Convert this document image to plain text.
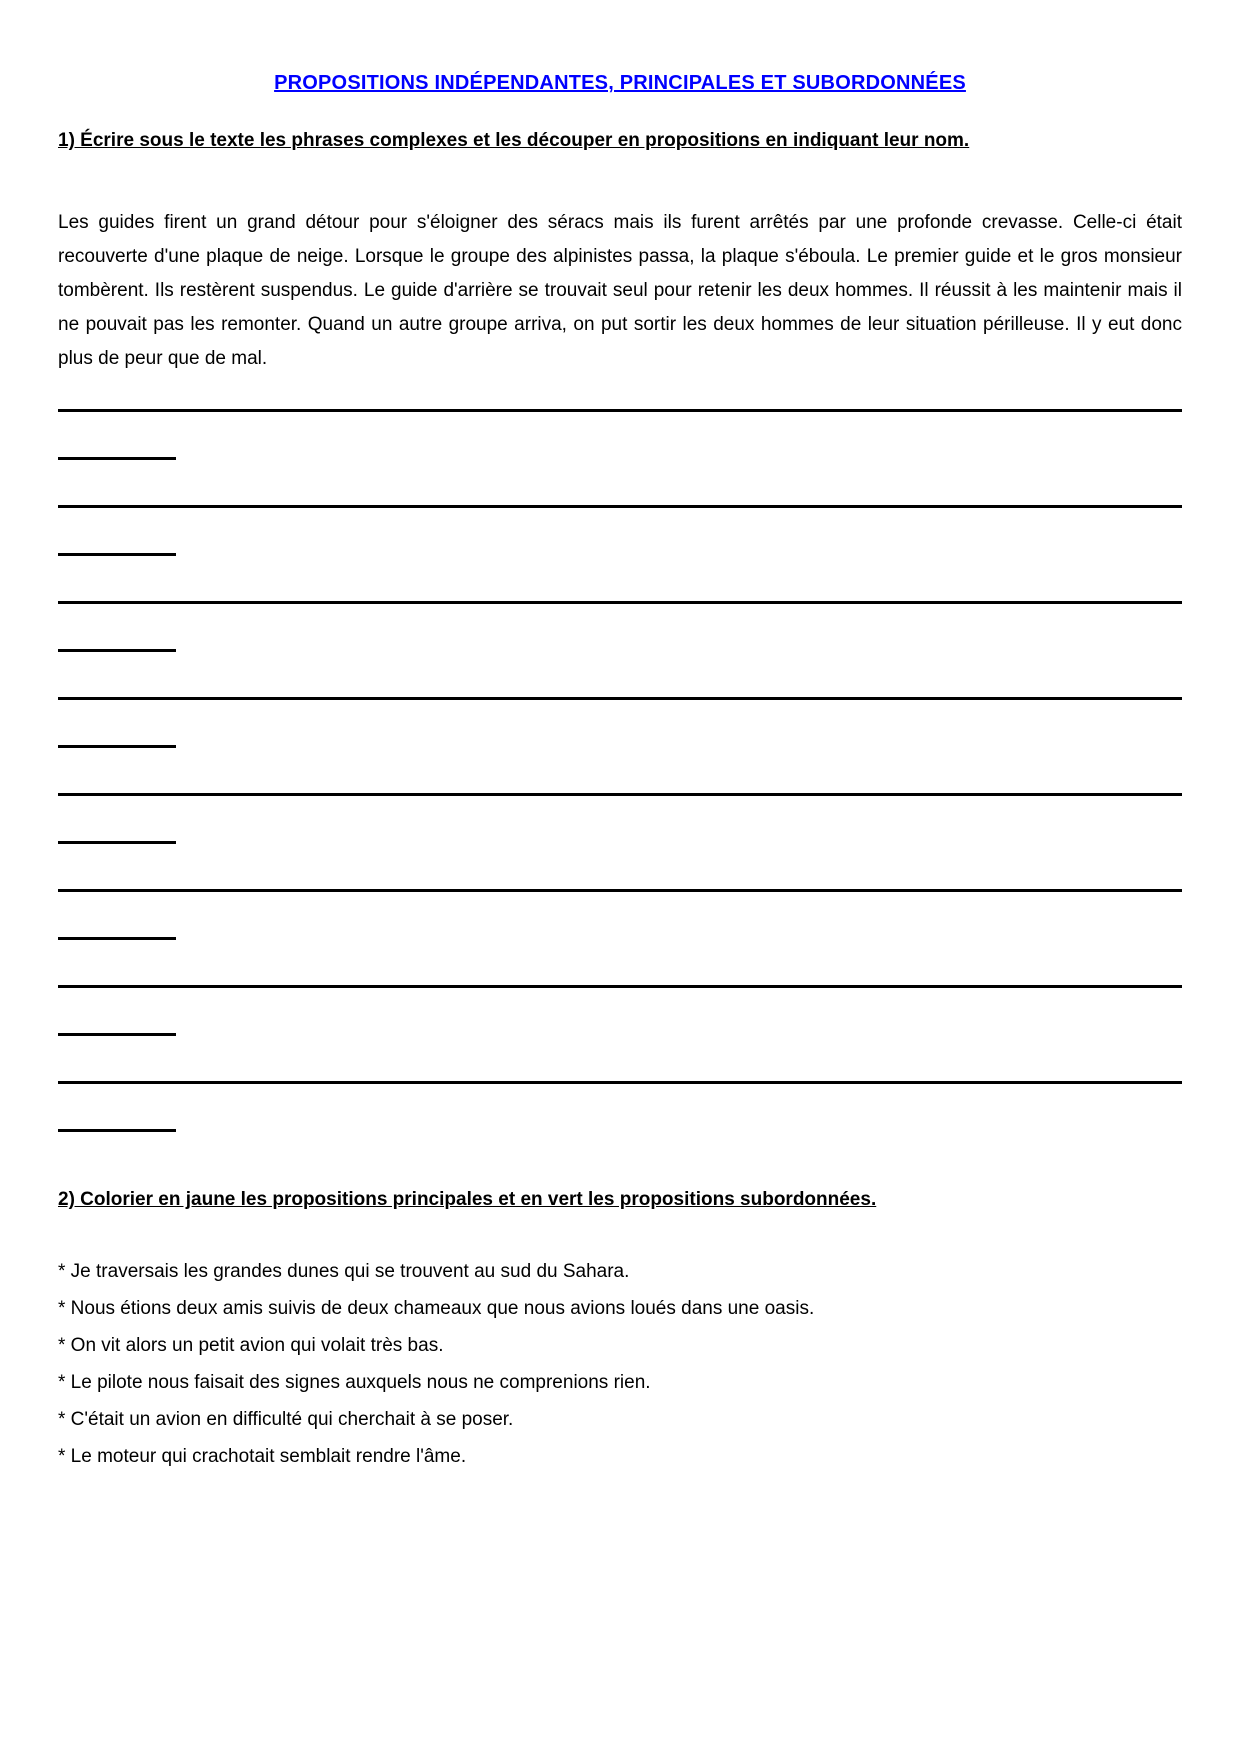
PROPOSITIONS INDÉPENDANTES, PRINCIPALES ET SUBORDONNÉES
1) Écrire sous le texte les phrases complexes et les découper en propositions en indiquant leur nom.
Les guides firent un grand détour pour s'éloigner des séracs mais ils furent arrêtés par une profonde crevasse. Celle-ci était recouverte d'une plaque de neige. Lorsque le groupe des alpinistes passa, la plaque s'éboula. Le premier guide et le gros monsieur tombèrent. Ils restèrent suspendus. Le guide d'arrière se trouvait seul pour retenir les deux hommes. Il réussit à les maintenir mais il ne pouvait pas les remonter. Quand un autre groupe arriva, on put sortir les deux hommes de leur situation périlleuse. Il y eut donc plus de peur que de mal.
2) Colorier en jaune les propositions principales et en vert les propositions subordonnées.
* Je traversais les grandes dunes qui se trouvent au sud du Sahara.
* Nous étions deux amis suivis de deux chameaux que nous avions loués dans une oasis.
* On vit alors un petit avion qui volait très bas.
* Le pilote nous faisait des signes auxquels nous ne comprenions rien.
* C'était un avion en difficulté qui cherchait à se poser.
* Le moteur qui crachotait semblait rendre l'âme.
